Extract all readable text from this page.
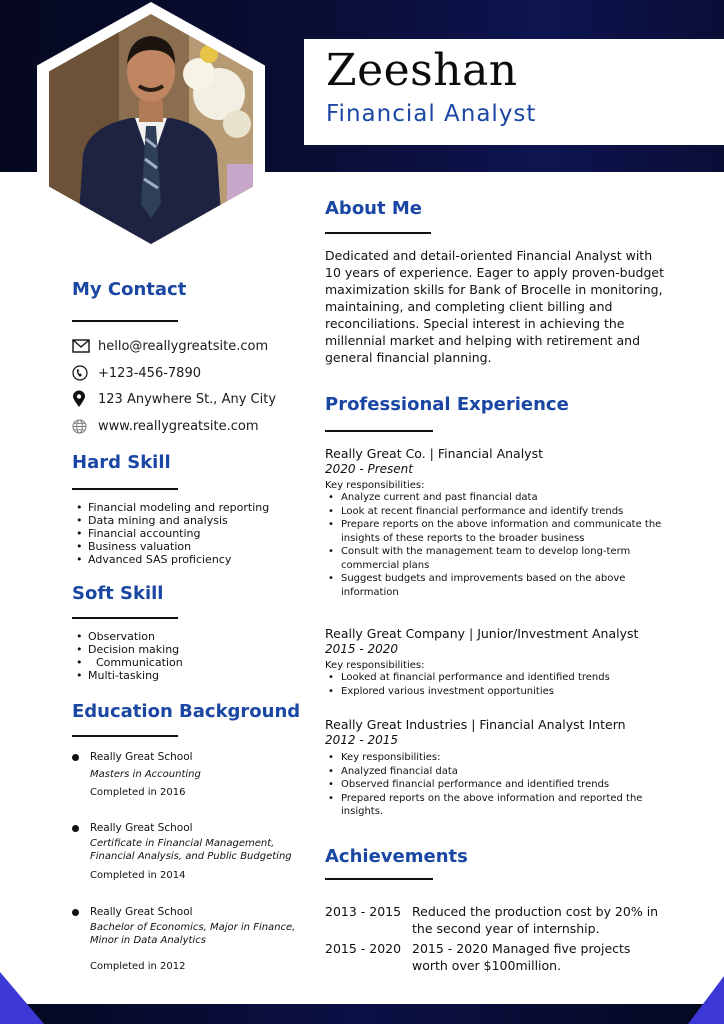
Zeeshan
Financial Analyst
My Contact
hello@reallygreatsite.com
+123-456-7890
123 Anywhere St., Any City
www.reallygreatsite.com
Hard Skill
• Financial modeling and reporting
• Data mining and analysis
• Financial accounting
• Business valuation
• Advanced SAS proficiency
Soft Skill
• Observation
• Decision making
• Communication
• Multi-tasking
Education Background
Really Great School
Masters in Accounting
Completed in 2016
Really Great School
Certificate in Financial Management, Financial Analysis, and Public Budgeting
Completed in 2014
Really Great School
Bachelor of Economics, Major in Finance, Minor in Data Analytics
Completed in 2012
About Me
Dedicated and detail-oriented Financial Analyst with 10 years of experience. Eager to apply proven-budget maximization skills for Bank of Brocelle in monitoring, maintaining, and completing client billing and reconciliations. Special interest in achieving the millennial market and helping with retirement and general financial planning.
Professional Experience
Really Great Co. | Financial Analyst
2020 - Present
Key responsibilities:
• Analyze current and past financial data
• Look at recent financial performance and identify trends
• Prepare reports on the above information and communicate the insights of these reports to the broader business
• Consult with the management team to develop long-term commercial plans
• Suggest budgets and improvements based on the above information
Really Great Company | Junior/Investment Analyst
2015 - 2020
Key responsibilities:
• Looked at financial performance and identified trends
• Explored various investment opportunities
Really Great Industries | Financial Analyst Intern
2012 - 2015
• Key responsibilities:
• Analyzed financial data
• Observed financial performance and identified trends
• Prepared reports on the above information and reported the insights.
Achievements
2013 - 2015 Reduced the production cost by 20% in the second year of internship.
2015 - 2020 2015 - 2020 Managed five projects worth over $100million.
